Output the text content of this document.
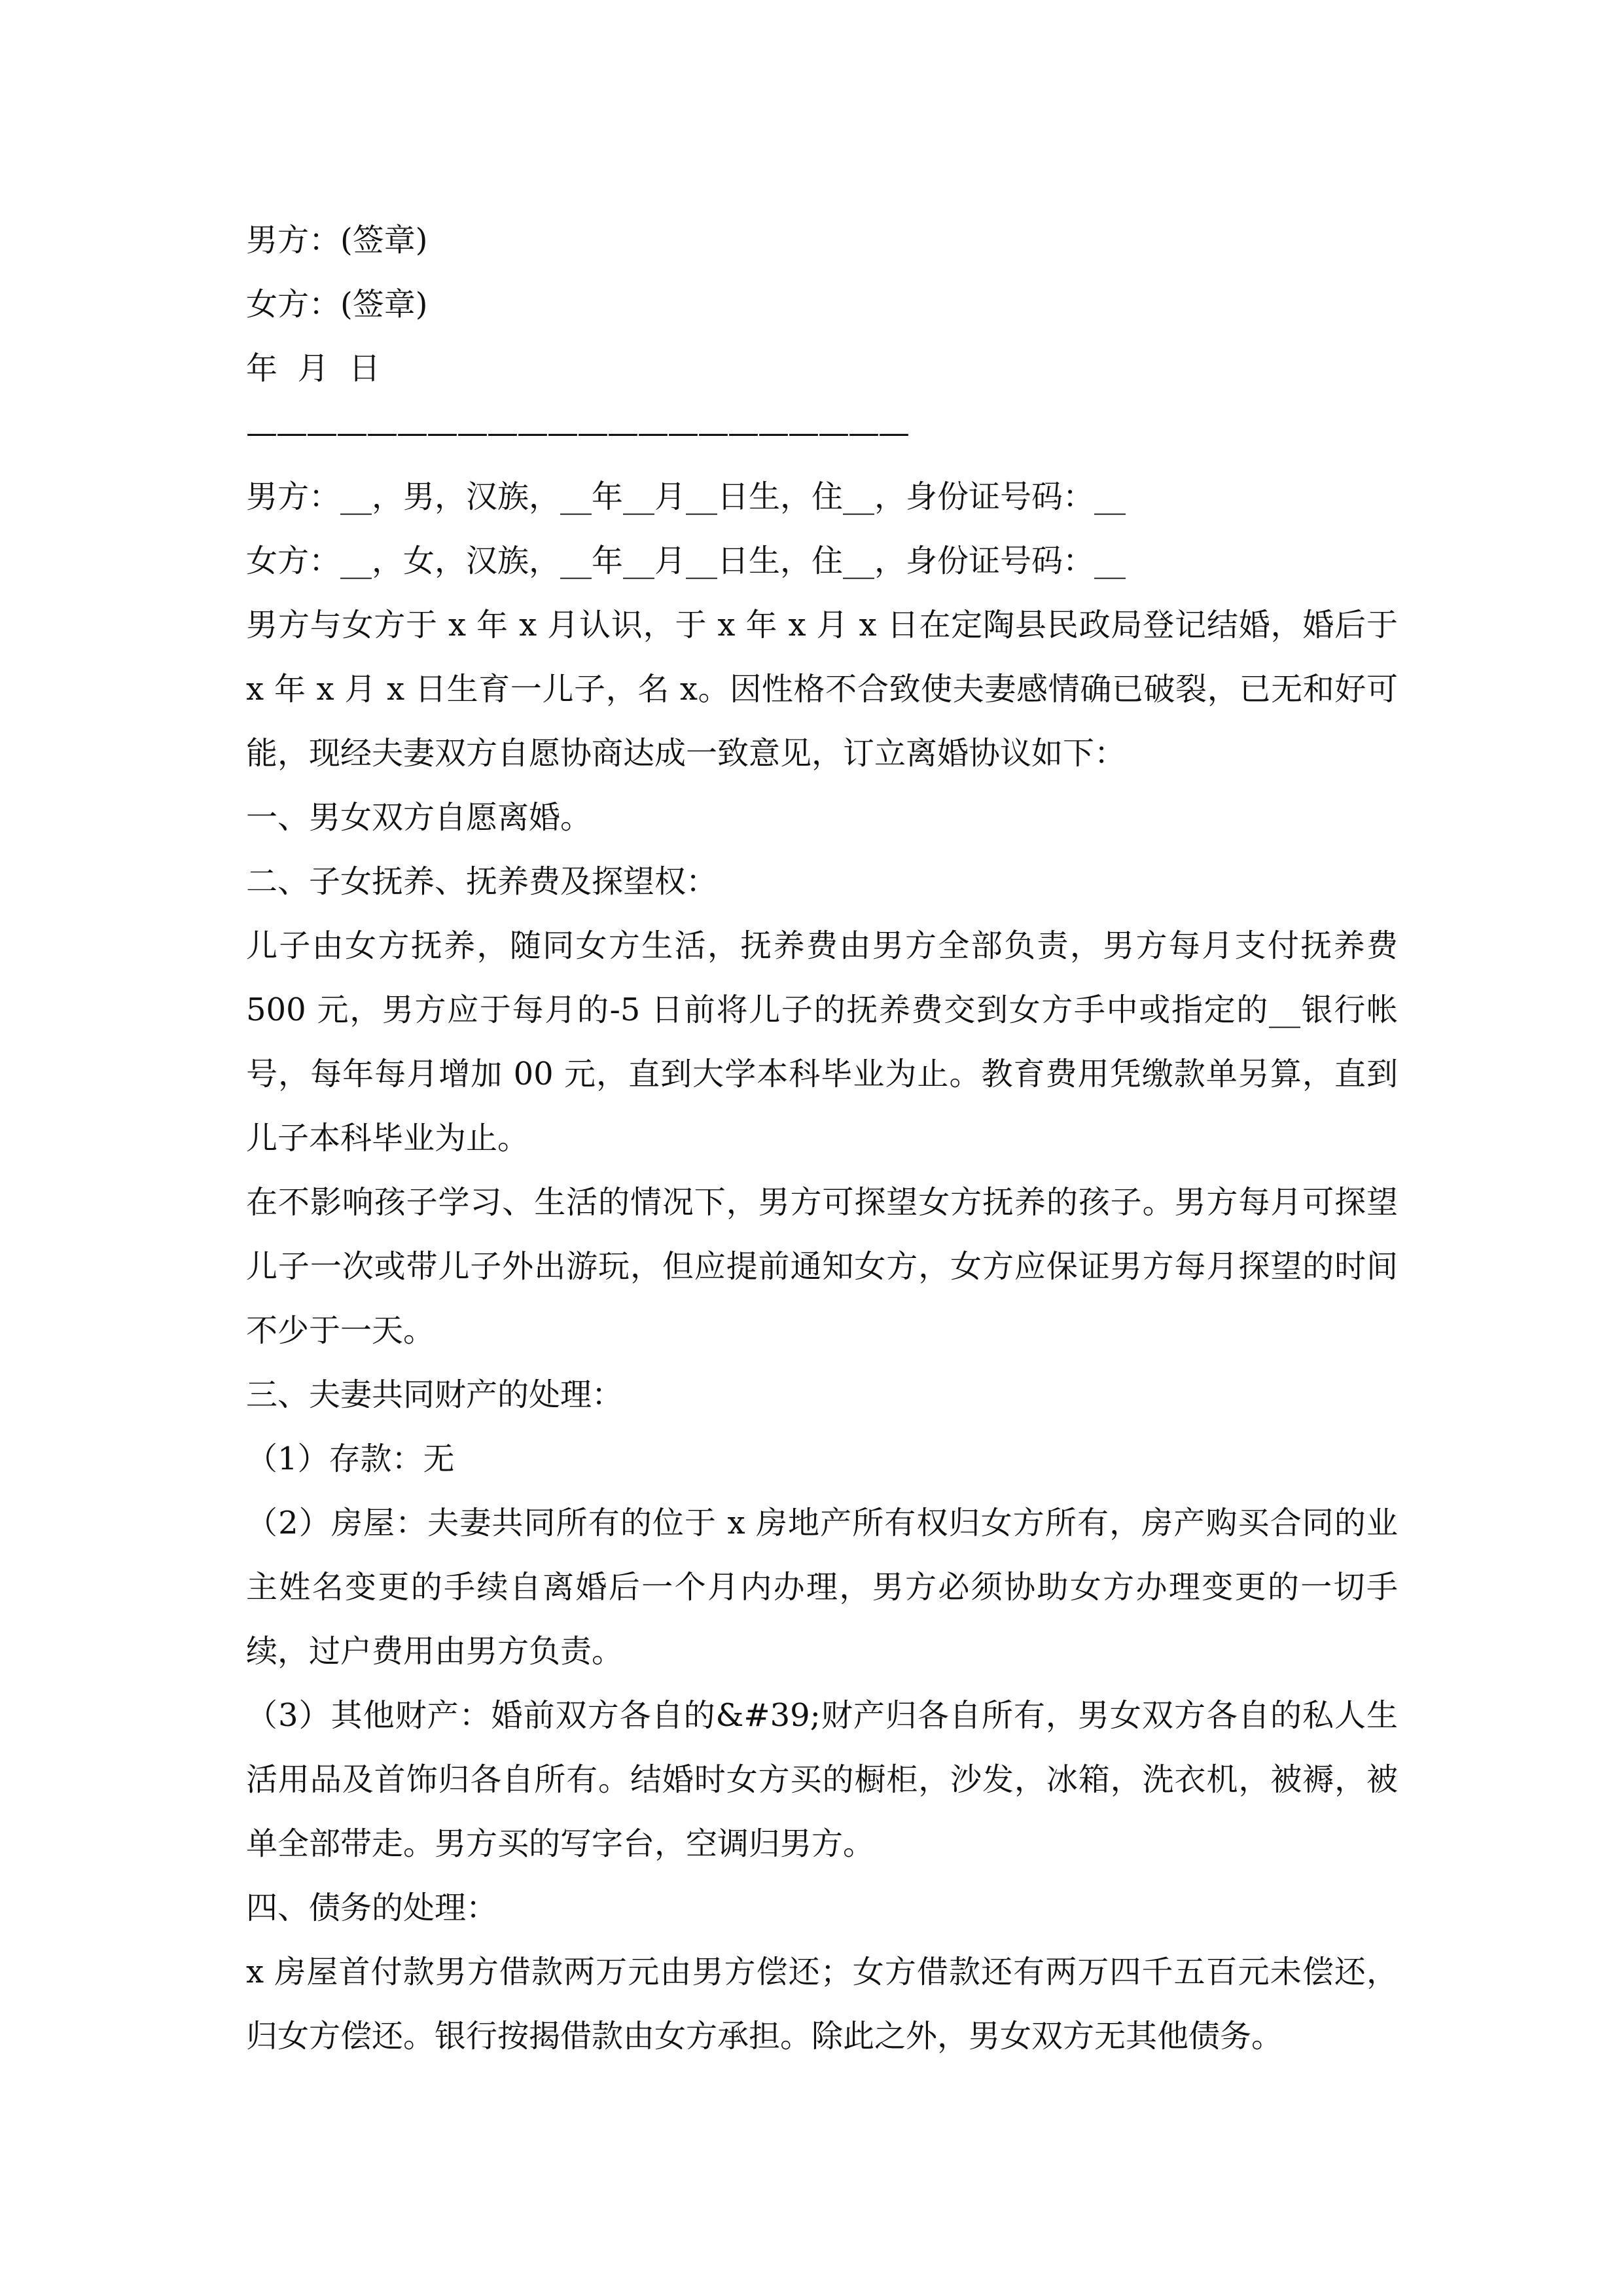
男方：(签章)

女方：(签章)

年  月  日

——————————————————————

男方：__，男，汉族，__年__月__日生，住__，身份证号码：__

女方：__，女，汉族，__年__月__日生，住__，身份证号码：__

男方与女方于 x 年 x 月认识，于 x 年 x 月 x 日在定陶县民政局登记结婚，婚后于 x 年 x 月 x 日生育一儿子，名 x。因性格不合致使夫妻感情确已破裂，已无和好可能，现经夫妻双方自愿协商达成一致意见，订立离婚协议如下：

一、男女双方自愿离婚。

二、子女抚养、抚养费及探望权：

儿子由女方抚养，随同女方生活，抚养费由男方全部负责，男方每月支付抚养费 500 元，男方应于每月的-5 日前将儿子的抚养费交到女方手中或指定的__银行帐号，每年每月增加 00 元，直到大学本科毕业为止。教育费用凭缴款单另算，直到儿子本科毕业为止。

在不影响孩子学习、生活的情况下，男方可探望女方抚养的孩子。男方每月可探望儿子一次或带儿子外出游玩，但应提前通知女方，女方应保证男方每月探望的时间不少于一天。

三、夫妻共同财产的处理：

（1）存款：无

（2）房屋：夫妻共同所有的位于 x 房地产所有权归女方所有，房产购买合同的业主姓名变更的手续自离婚后一个月内办理，男方必须协助女方办理变更的一切手续，过户费用由男方负责。

（3）其他财产：婚前双方各自的&#39;财产归各自所有，男女双方各自的私人生活用品及首饰归各自所有。结婚时女方买的橱柜，沙发，冰箱，洗衣机，被褥，被单全部带走。男方买的写字台，空调归男方。

四、债务的处理：

x 房屋首付款男方借款两万元由男方偿还；女方借款还有两万四千五百元未偿还，归女方偿还。银行按揭借款由女方承担。除此之外，男女双方无其他债务。
